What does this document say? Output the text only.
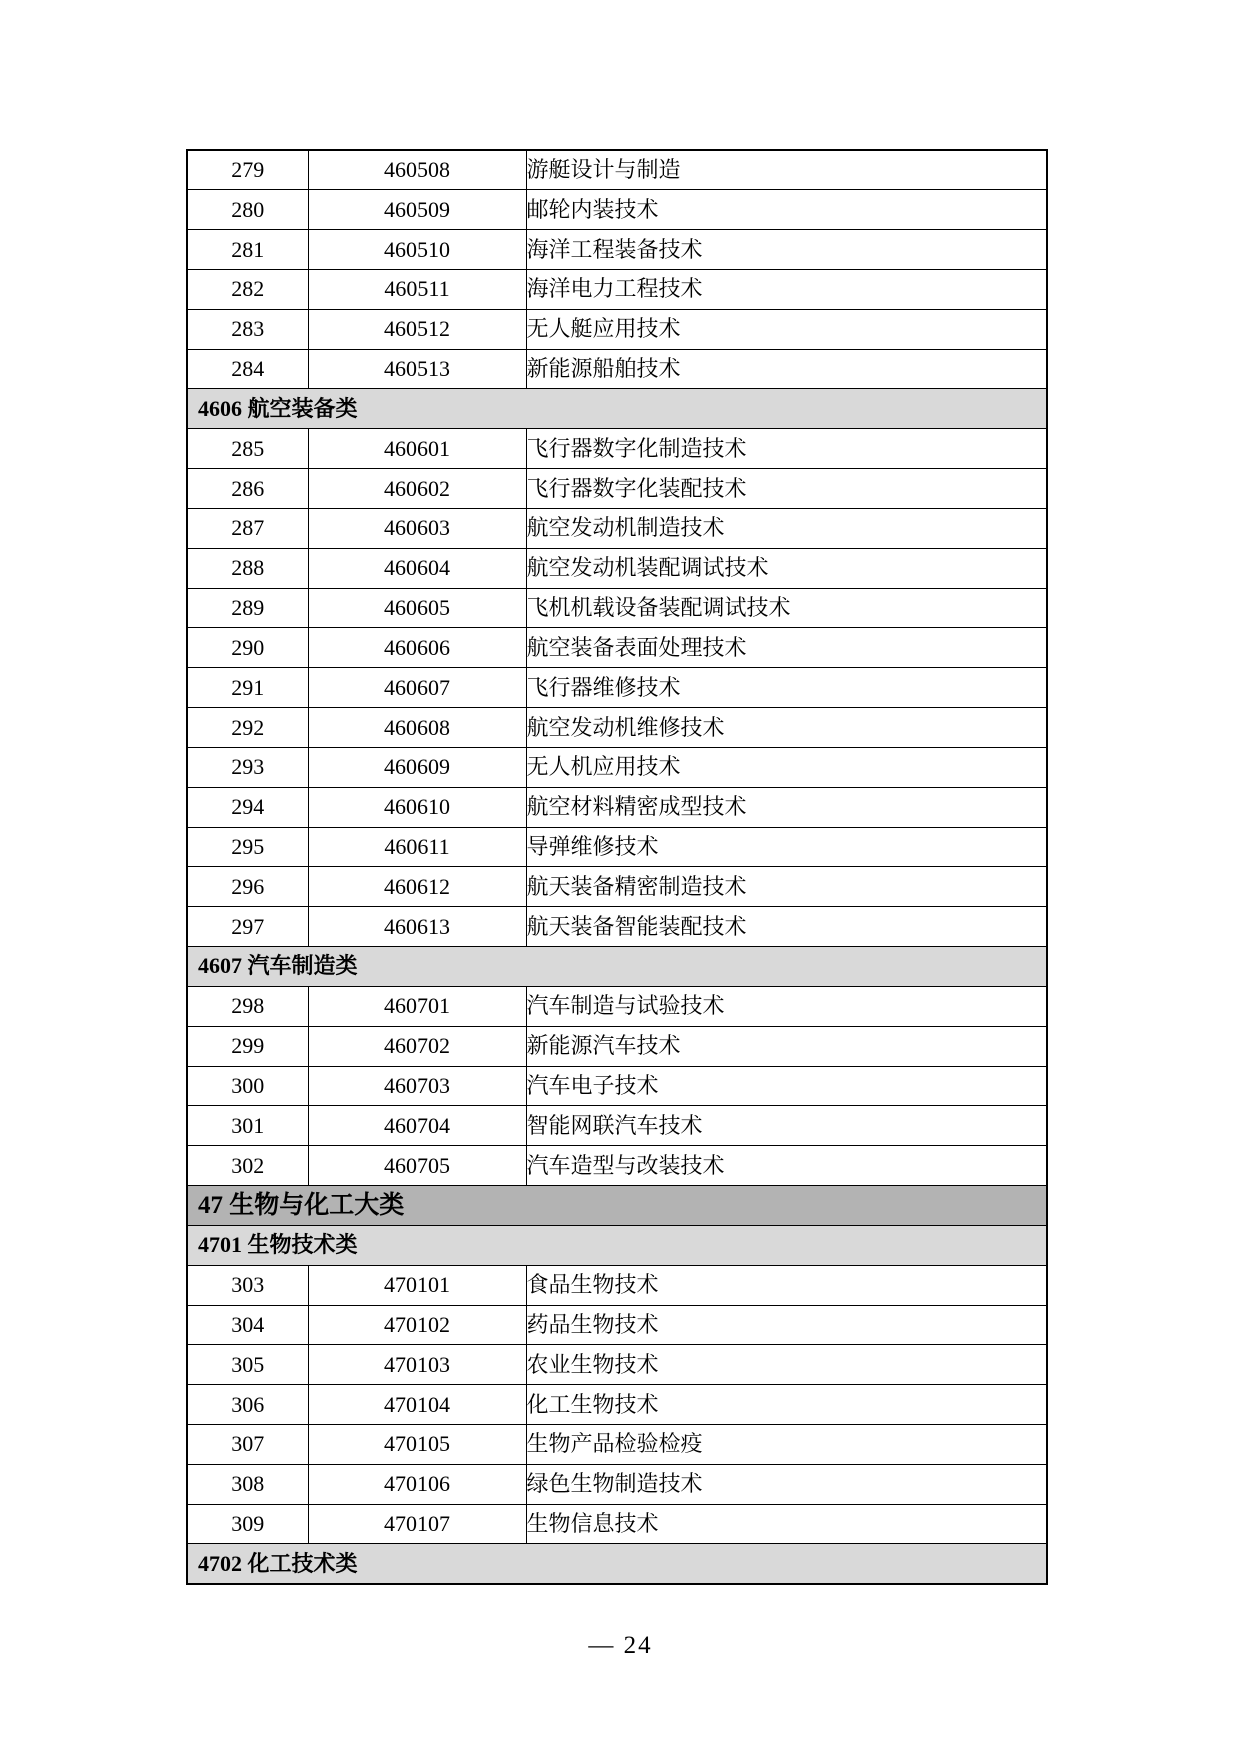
279	460508	游艇设计与制造
280	460509	邮轮内装技术
281	460510	海洋工程装备技术
282	460511	海洋电力工程技术
283	460512	无人艇应用技术
284	460513	新能源船舶技术
4606 航空装备类		
285	460601	飞行器数字化制造技术
286	460602	飞行器数字化装配技术
287	460603	航空发动机制造技术
288	460604	航空发动机装配调试技术
289	460605	飞机机载设备装配调试技术
290	460606	航空装备表面处理技术
291	460607	飞行器维修技术
292	460608	航空发动机维修技术
293	460609	无人机应用技术
294	460610	航空材料精密成型技术
295	460611	导弹维修技术
296	460612	航天装备精密制造技术
297	460613	航天装备智能装配技术
4607 汽车制造类		
298	460701	汽车制造与试验技术
299	460702	新能源汽车技术
300	460703	汽车电子技术
301	460704	智能网联汽车技术
302	460705	汽车造型与改装技术
47 生物与化工大类		
4701 生物技术类		
303	470101	食品生物技术
304	470102	药品生物技术
305	470103	农业生物技术
306	470104	化工生物技术
307	470105	生物产品检验检疫
308	470106	绿色生物制造技术
309	470107	生物信息技术
4702 化工技术类		
— 24
